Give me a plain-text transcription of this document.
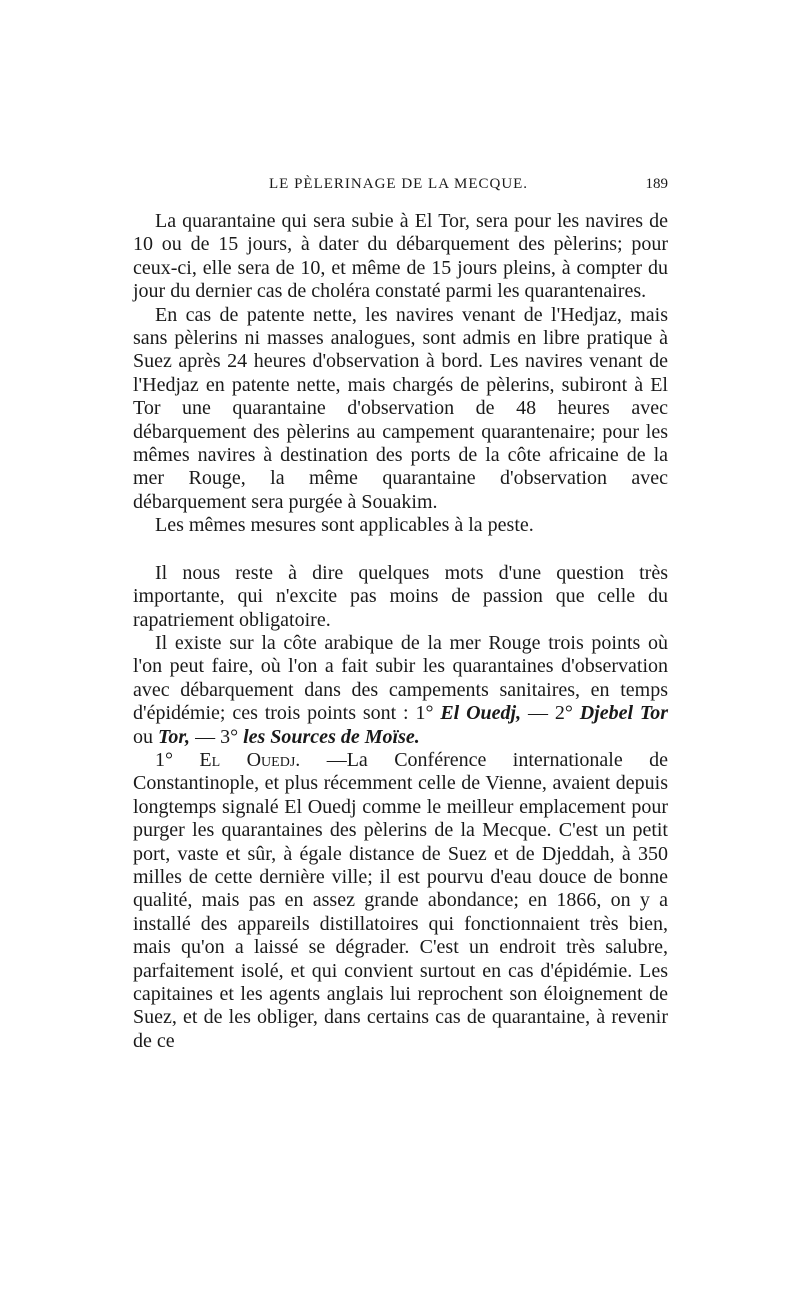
LE PÈLERINAGE DE LA MECQUE.	189

La quarantaine qui sera subie à El Tor, sera pour les navires de 10 ou de 15 jours, à dater du débarquement des pèlerins; pour ceux-ci, elle sera de 10, et même de 15 jours pleins, à compter du jour du dernier cas de choléra constaté parmi les quarantenaires.

En cas de patente nette, les navires venant de l'Hedjaz, mais sans pèlerins ni masses analogues, sont admis en libre pratique à Suez après 24 heures d'observation à bord. Les navires venant de l'Hedjaz en patente nette, mais chargés de pèlerins, subiront à El Tor une quarantaine d'observation de 48 heures avec débarquement des pèlerins au campement quarantenaire; pour les mêmes navires à destination des ports de la côte africaine de la mer Rouge, la même quarantaine d'observation avec débarquement sera purgée à Souakim.

Les mêmes mesures sont applicables à la peste.

Il nous reste à dire quelques mots d'une question très importante, qui n'excite pas moins de passion que celle du rapatriement obligatoire.

Il existe sur la côte arabique de la mer Rouge trois points où l'on peut faire, où l'on a fait subir les quarantaines d'observation avec débarquement dans des campements sanitaires, en temps d'épidémie; ces trois points sont : 1° El Ouedj, — 2° Djebel Tor ou Tor, — 3° les Sources de Moïse.

1° El Ouedj. —La Conférence internationale de Constantinople, et plus récemment celle de Vienne, avaient depuis longtemps signalé El Ouedj comme le meilleur emplacement pour purger les quarantaines des pèlerins de la Mecque. C'est un petit port, vaste et sûr, à égale distance de Suez et de Djeddah, à 350 milles de cette dernière ville; il est pourvu d'eau douce de bonne qualité, mais pas en assez grande abondance; en 1866, on y a installé des appareils distillatoires qui fonctionnaient très bien, mais qu'on a laissé se dégrader. C'est un endroit très salubre, parfaitement isolé, et qui convient surtout en cas d'épidémie. Les capitaines et les agents anglais lui reprochent son éloignement de Suez, et de les obliger, dans certains cas de quarantaine, à revenir de ce
